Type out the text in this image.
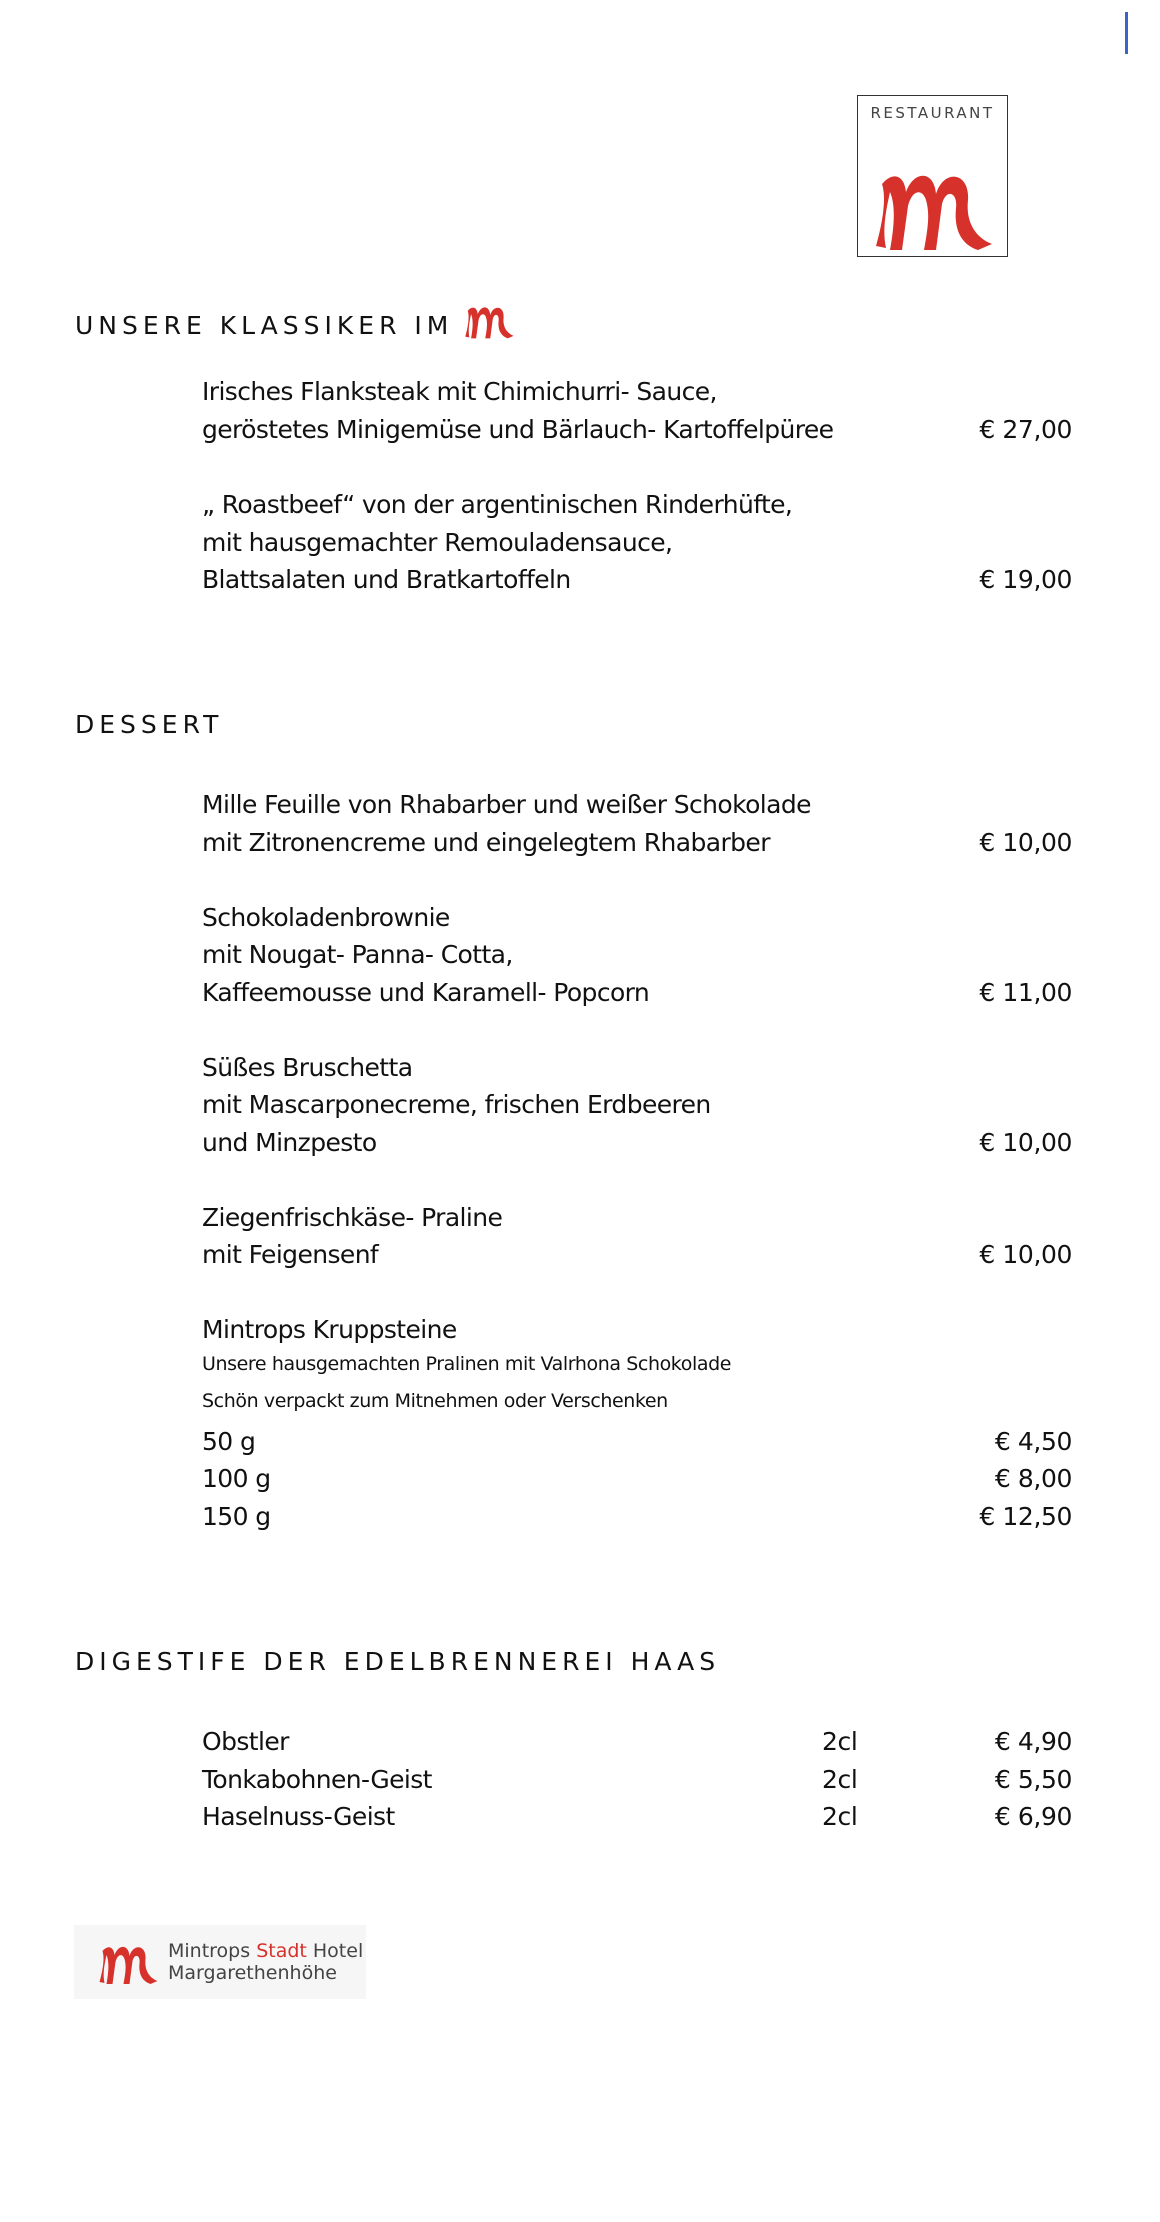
RESTAURANT
UNSERE KLASSIKER IM
Irisches Flanksteak mit Chimichurri- Sauce,
geröstetes Minigemüse und Bärlauch- Kartoffelpüree	€ 27,00
„ Roastbeef“ von der argentinischen Rinderhüfte,
mit hausgemachter Remouladensauce,
Blattsalaten und Bratkartoffeln	€ 19,00
DESSERT
Mille Feuille von Rhabarber und weißer Schokolade
mit Zitronencreme und eingelegtem Rhabarber	€ 10,00
Schokoladenbrownie
mit Nougat- Panna- Cotta,
Kaffeemousse und Karamell- Popcorn	€ 11,00
Süßes Bruschetta
mit Mascarponecreme, frischen Erdbeeren
und Minzpesto	€ 10,00
Ziegenfrischkäse- Praline
mit Feigensenf	€ 10,00
Mintrops Kruppsteine
Unsere hausgemachten Pralinen mit Valrhona Schokolade
Schön verpackt zum Mitnehmen oder Verschenken
50 g	€ 4,50
100 g	€ 8,00
150 g	€ 12,50
DIGESTIFE DER EDELBRENNEREI HAAS
Obstler	2cl	€ 4,90
Tonkabohnen-Geist	2cl	€ 5,50
Haselnuss-Geist	2cl	€ 6,90
Mintrops Stadt Hotel
Margarethenhöhe
